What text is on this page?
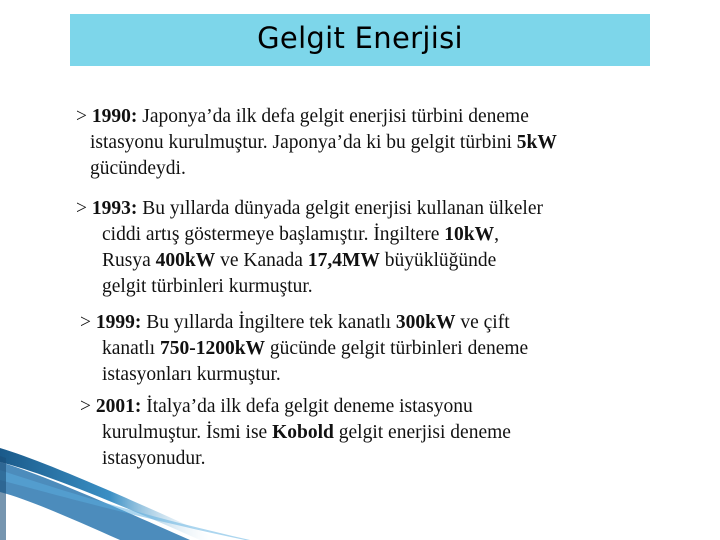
Gelgit Enerjisi
> 1990: Japonya’da ilk defa gelgit enerjisi türbini deneme
istasyonu kurulmuştur. Japonya’da ki bu gelgit türbini 5kW
gücündeydi.
> 1993: Bu yıllarda dünyada gelgit enerjisi kullanan ülkeler
ciddi artış göstermeye başlamıştır. İngiltere 10kW,
Rusya 400kW ve Kanada 17,4MW büyüklüğünde
gelgit türbinleri kurmuştur.
> 1999: Bu yıllarda İngiltere tek kanatlı 300kW ve çift
kanatlı 750-1200kW gücünde gelgit türbinleri deneme
istasyonları kurmuştur.
> 2001: İtalya’da ilk defa gelgit deneme istasyonu
kurulmuştur. İsmi ise Kobold gelgit enerjisi deneme
istasyonudur.
